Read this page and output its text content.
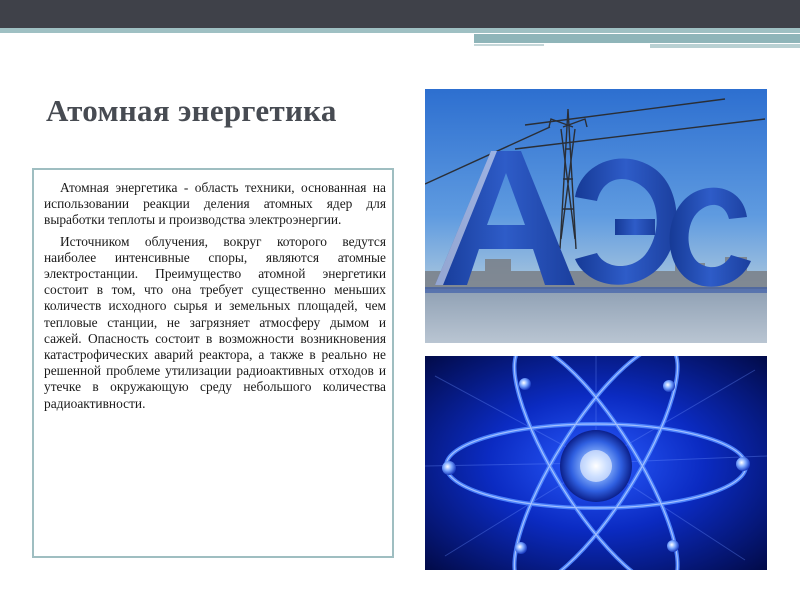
Атомная энергетика

Атомная энергетика - область техники, основанная на использовании реакции деления атомных ядер для выработки теплоты и производства электроэнергии.

Источником облучения, вокруг которого ведутся наиболее интенсивные споры, являются атомные электростанции. Преимущество атомной энергетики состоит в том, что она требует существенно меньших количеств исходного сырья и земельных площадей, чем тепловые станции, не загрязняет атмосферу дымом и сажей. Опасность состоит в возможности возникновения катастрофических аварий реактора, а также в реально не решенной проблеме утилизации радиоактивных отходов и утечке в окружающую среду небольшого количества радиоактивности.
